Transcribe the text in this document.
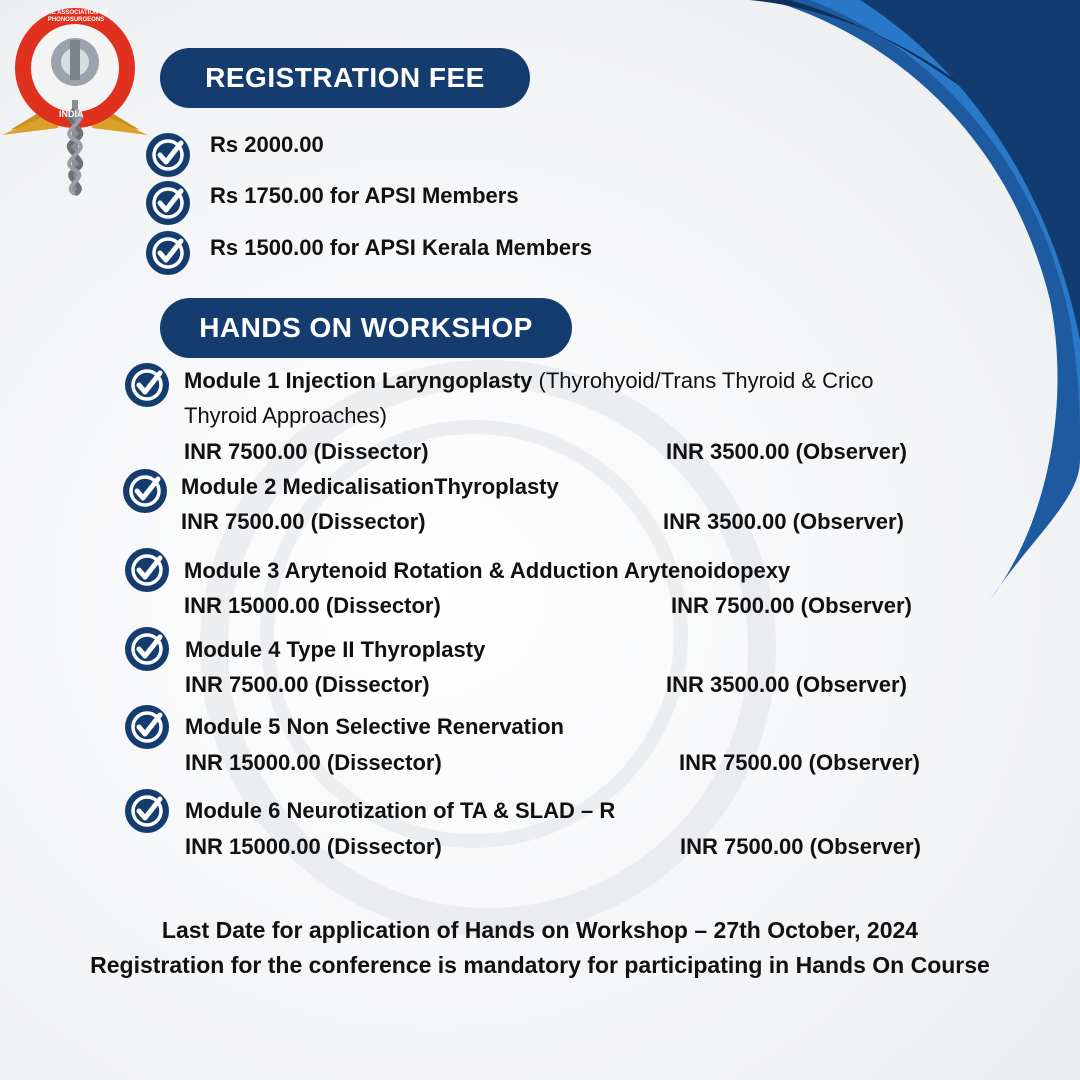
INDIA
THE ASSOCIATION OF PHONOSURGEONS
REGISTRATION FEE
Rs 2000.00
Rs 1750.00 for APSI Members
Rs 1500.00 for APSI Kerala Members
HANDS ON WORKSHOP
Module 1 Injection Laryngoplasty (Thyrohyoid/Trans Thyroid & Crico
Thyroid Approaches)
INR 7500.00 (Dissector)	INR 3500.00 (Observer)
Module 2 MedicalisationThyroplasty
INR 7500.00 (Dissector)	INR 3500.00 (Observer)
Module 3 Arytenoid Rotation & Adduction Arytenoidopexy
INR 15000.00 (Dissector)	INR 7500.00 (Observer)
Module 4 Type II Thyroplasty
INR 7500.00 (Dissector)	INR 3500.00 (Observer)
Module 5 Non Selective Renervation
INR 15000.00 (Dissector)	INR 7500.00 (Observer)
Module 6 Neurotization of TA & SLAD – R
INR 15000.00 (Dissector)	INR 7500.00 (Observer)
Last Date for application of Hands on Workshop – 27th October, 2024
Registration for the conference is mandatory for participating in Hands On Course
